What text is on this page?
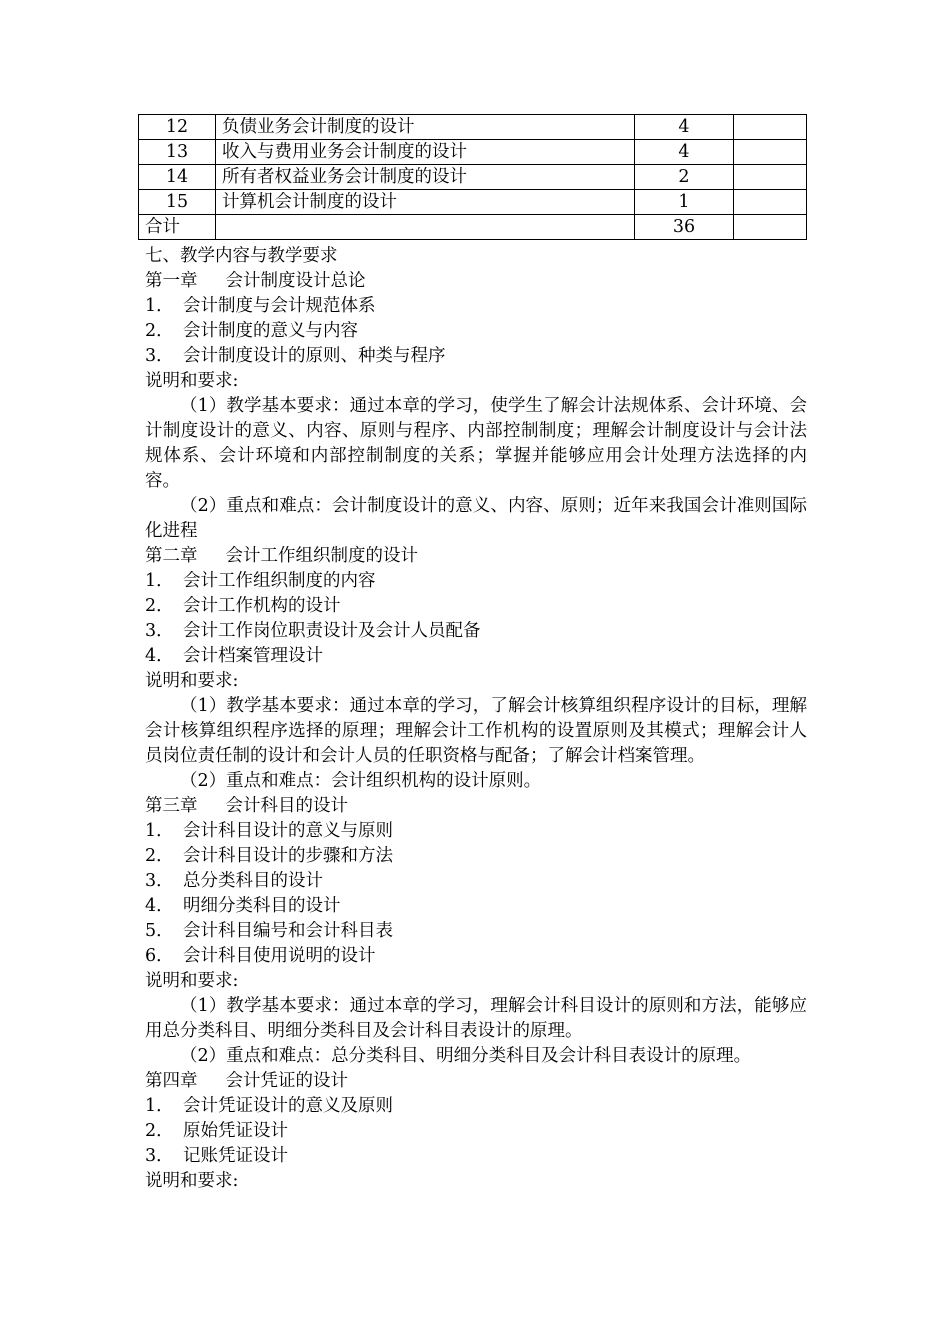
12	负债业务会计制度的设计	4	
13	收入与费用业务会计制度的设计	4	
14	所有者权益业务会计制度的设计	2	
15	计算机会计制度的设计	1	
合计		36	
七、教学内容与教学要求
第一章 会计制度设计总论
1． 会计制度与会计规范体系
2． 会计制度的意义与内容
3． 会计制度设计的原则、种类与程序
说明和要求:
（1）教学基本要求：通过本章的学习，使学生了解会计法规体系、会计环境、会计制度设计的意义、内容、原则与程序、内部控制制度；理解会计制度设计与会计法规体系、会计环境和内部控制制度的关系；掌握并能够应用会计处理方法选择的内容。
（2）重点和难点：会计制度设计的意义、内容、原则；近年来我国会计准则国际化进程
第二章 会计工作组织制度的设计
1． 会计工作组织制度的内容
2． 会计工作机构的设计
3． 会计工作岗位职责设计及会计人员配备
4． 会计档案管理设计
说明和要求:
（1）教学基本要求：通过本章的学习，了解会计核算组织程序设计的目标，理解会计核算组织程序选择的原理；理解会计工作机构的设置原则及其模式；理解会计人员岗位责任制的设计和会计人员的任职资格与配备；了解会计档案管理。
（2）重点和难点：会计组织机构的设计原则。
第三章 会计科目的设计
1． 会计科目设计的意义与原则
2． 会计科目设计的步骤和方法
3． 总分类科目的设计
4． 明细分类科目的设计
5． 会计科目编号和会计科目表
6． 会计科目使用说明的设计
说明和要求:
（1）教学基本要求：通过本章的学习，理解会计科目设计的原则和方法，能够应用总分类科目、明细分类科目及会计科目表设计的原理。
（2）重点和难点：总分类科目、明细分类科目及会计科目表设计的原理。
第四章 会计凭证的设计
1． 会计凭证设计的意义及原则
2． 原始凭证设计
3． 记账凭证设计
说明和要求:
